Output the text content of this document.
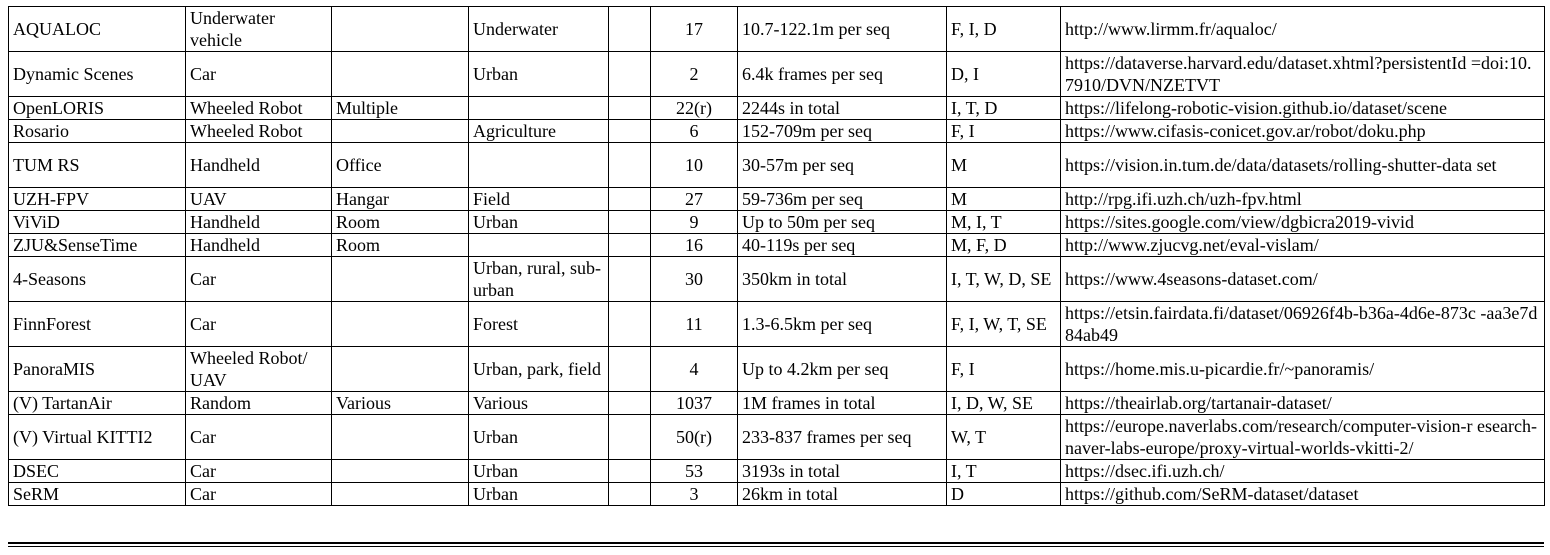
AQUALOC	Underwater vehicle		Underwater		17	10.7-122.1m per seq	F, I, D	http://www.lirmm.fr/aqualoc/
Dynamic Scenes	Car		Urban		2	6.4k frames per seq	D, I	https://dataverse.harvard.edu/dataset.xhtml?persistentId =doi:10.7910/DVN/NZETVT
OpenLORIS	Wheeled Robot	Multiple			22(r)	2244s in total	I, T, D	https://lifelong-robotic-vision.github.io/dataset/scene
Rosario	Wheeled Robot		Agriculture		6	152-709m per seq	F, I	https://www.cifasis-conicet.gov.ar/robot/doku.php
TUM RS	Handheld	Office			10	30-57m per seq	M	https://vision.in.tum.de/data/datasets/rolling-shutter-data set
UZH-FPV	UAV	Hangar	Field		27	59-736m per seq	M	http://rpg.ifi.uzh.ch/uzh-fpv.html
ViViD	Handheld	Room	Urban		9	Up to 50m per seq	M, I, T	https://sites.google.com/view/dgbicra2019-vivid
ZJU&SenseTime	Handheld	Room			16	40-119s per seq	M, F, D	http://www.zjucvg.net/eval-vislam/
4-Seasons	Car		Urban, rural, sub-urban		30	350km in total	I, T, W, D, SE	https://www.4seasons-dataset.com/
FinnForest	Car		Forest		11	1.3-6.5km per seq	F, I, W, T, SE	https://etsin.fairdata.fi/dataset/06926f4b-b36a-4d6e-873c -aa3e7d84ab49
PanoraMIS	Wheeled Robot/ UAV		Urban, park, field		4	Up to 4.2km per seq	F, I	https://home.mis.u-picardie.fr/~panoramis/
(V) TartanAir	Random	Various	Various		1037	1M frames in total	I, D, W, SE	https://theairlab.org/tartanair-dataset/
(V) Virtual KITTI2	Car		Urban		50(r)	233-837 frames per seq	W, T	https://europe.naverlabs.com/research/computer-vision-r esearch-naver-labs-europe/proxy-virtual-worlds-vkitti-2/
DSEC	Car		Urban		53	3193s in total	I, T	https://dsec.ifi.uzh.ch/
SeRM	Car		Urban		3	26km in total	D	https://github.com/SeRM-dataset/dataset
